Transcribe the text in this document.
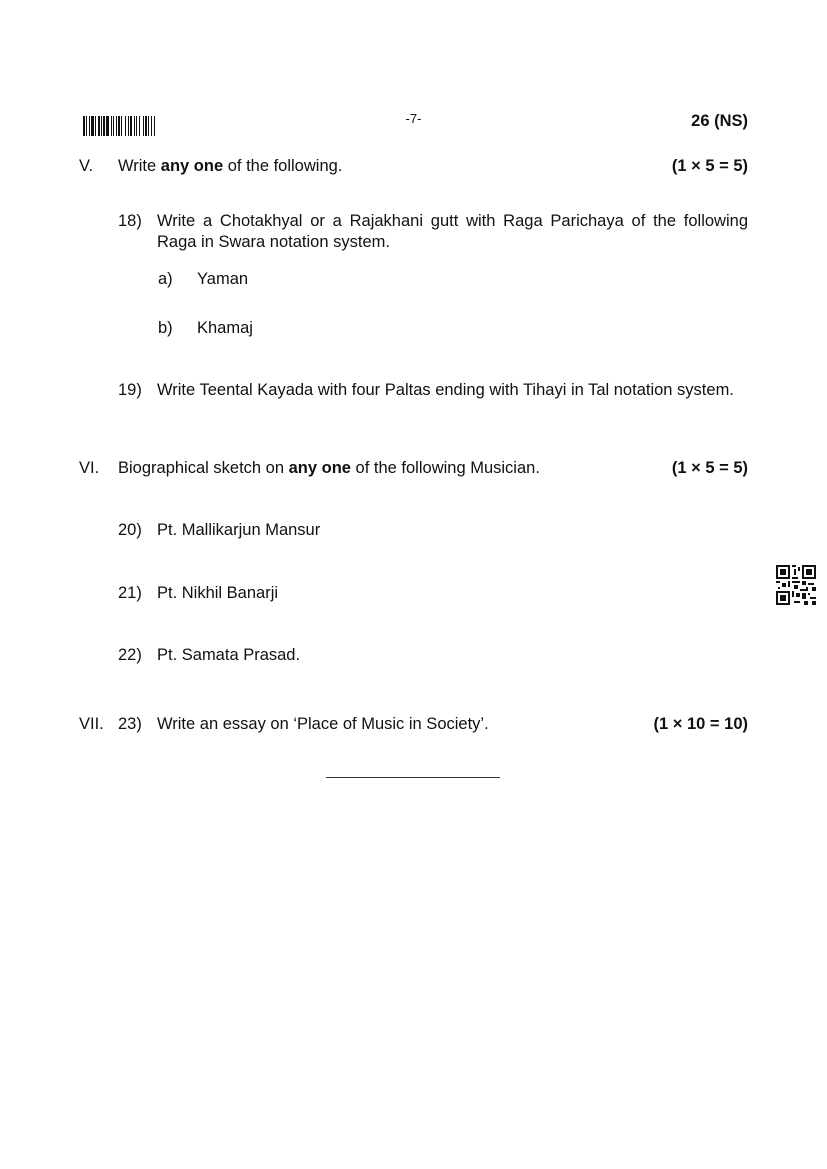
-7-	26 (NS)
V. Write any one of the following.	(1 × 5 = 5)
18) Write a Chotakhyal or a Rajakhani gutt with Raga Parichaya of the following Raga in Swara notation system.
a) Yaman
b) Khamaj
19) Write Teental Kayada with four Paltas ending with Tihayi in Tal notation system.
VI. Biographical sketch on any one of the following Musician.	(1 × 5 = 5)
20) Pt. Mallikarjun Mansur
21) Pt. Nikhil Banarji
22) Pt. Samata Prasad.
VII. 23) Write an essay on ‘Place of Music in Society’.	(1 × 10 = 10)
